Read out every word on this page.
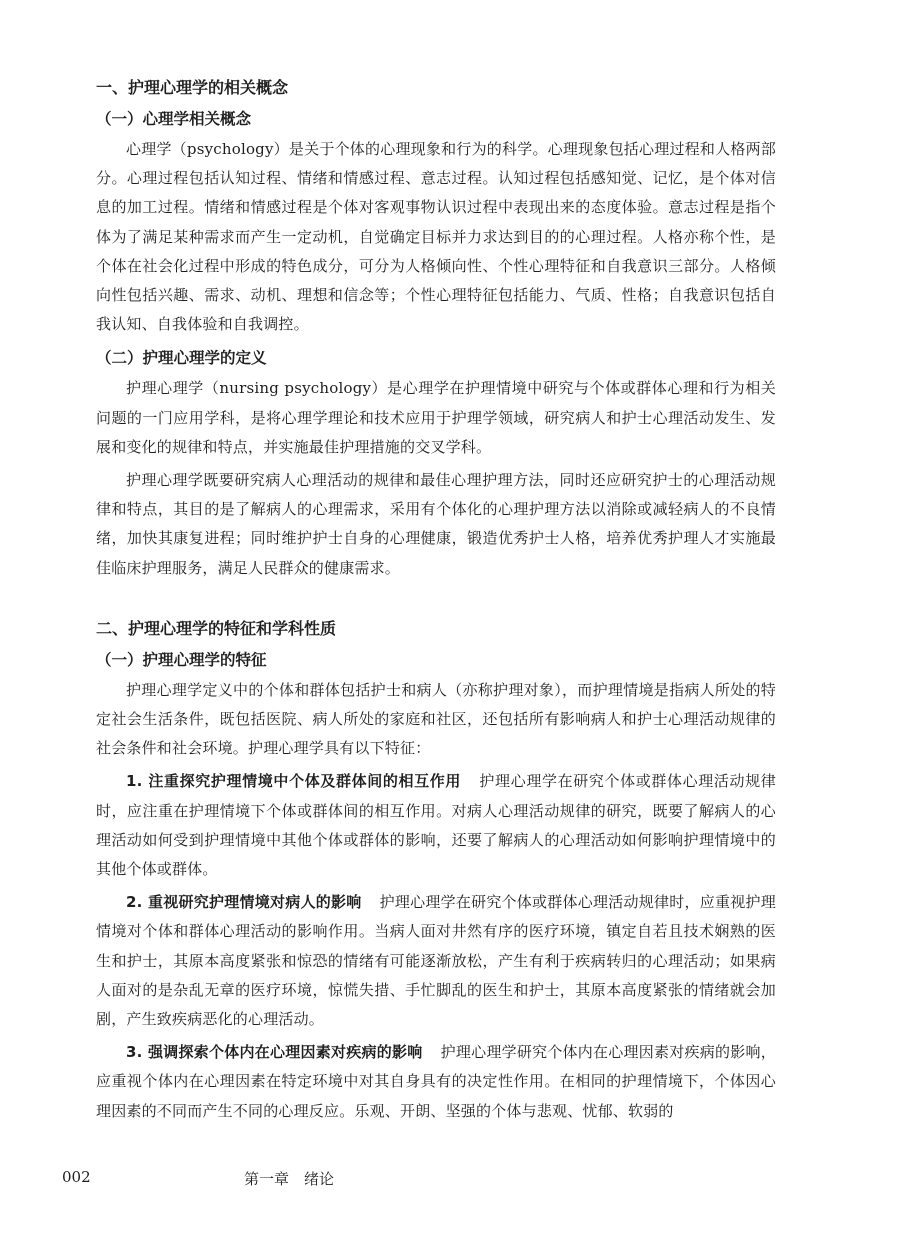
一、护理心理学的相关概念
（一）心理学相关概念

心理学（psychology）是关于个体的心理现象和行为的科学。心理现象包括心理过程和人格两部分。心理过程包括认知过程、情绪和情感过程、意志过程。认知过程包括感知觉、记忆，是个体对信息的加工过程。情绪和情感过程是个体对客观事物认识过程中表现出来的态度体验。意志过程是指个体为了满足某种需求而产生一定动机，自觉确定目标并力求达到目的的心理过程。人格亦称个性，是个体在社会化过程中形成的特色成分，可分为人格倾向性、个性心理特征和自我意识三部分。人格倾向性包括兴趣、需求、动机、理想和信念等；个性心理特征包括能力、气质、性格；自我意识包括自我认知、自我体验和自我调控。

（二）护理心理学的定义

护理心理学（nursing psychology）是心理学在护理情境中研究与个体或群体心理和行为相关问题的一门应用学科，是将心理学理论和技术应用于护理学领域，研究病人和护士心理活动发生、发展和变化的规律和特点，并实施最佳护理措施的交叉学科。

护理心理学既要研究病人心理活动的规律和最佳心理护理方法，同时还应研究护士的心理活动规律和特点，其目的是了解病人的心理需求，采用有个体化的心理护理方法以消除或减轻病人的不良情绪，加快其康复进程；同时维护护士自身的心理健康，锻造优秀护士人格，培养优秀护理人才实施最佳临床护理服务，满足人民群众的健康需求。

二、护理心理学的特征和学科性质
（一）护理心理学的特征

护理心理学定义中的个体和群体包括护士和病人（亦称护理对象），而护理情境是指病人所处的特定社会生活条件，既包括医院、病人所处的家庭和社区，还包括所有影响病人和护士心理活动规律的社会条件和社会环境。护理心理学具有以下特征：

1. 注重探究护理情境中个体及群体间的相互作用 护理心理学在研究个体或群体心理活动规律时，应注重在护理情境下个体或群体间的相互作用。对病人心理活动规律的研究，既要了解病人的心理活动如何受到护理情境中其他个体或群体的影响，还要了解病人的心理活动如何影响护理情境中的其他个体或群体。

2. 重视研究护理情境对病人的影响 护理心理学在研究个体或群体心理活动规律时，应重视护理情境对个体和群体心理活动的影响作用。当病人面对井然有序的医疗环境，镇定自若且技术娴熟的医生和护士，其原本高度紧张和惊恐的情绪有可能逐渐放松，产生有利于疾病转归的心理活动；如果病人面对的是杂乱无章的医疗环境，惊慌失措、手忙脚乱的医生和护士，其原本高度紧张的情绪就会加剧，产生致疾病恶化的心理活动。

3. 强调探索个体内在心理因素对疾病的影响 护理心理学研究个体内在心理因素对疾病的影响，应重视个体内在心理因素在特定环境中对其自身具有的决定性作用。在相同的护理情境下，个体因心理因素的不同而产生不同的心理反应。乐观、开朗、坚强的个体与悲观、忧郁、软弱的

002	第一章　绪论
